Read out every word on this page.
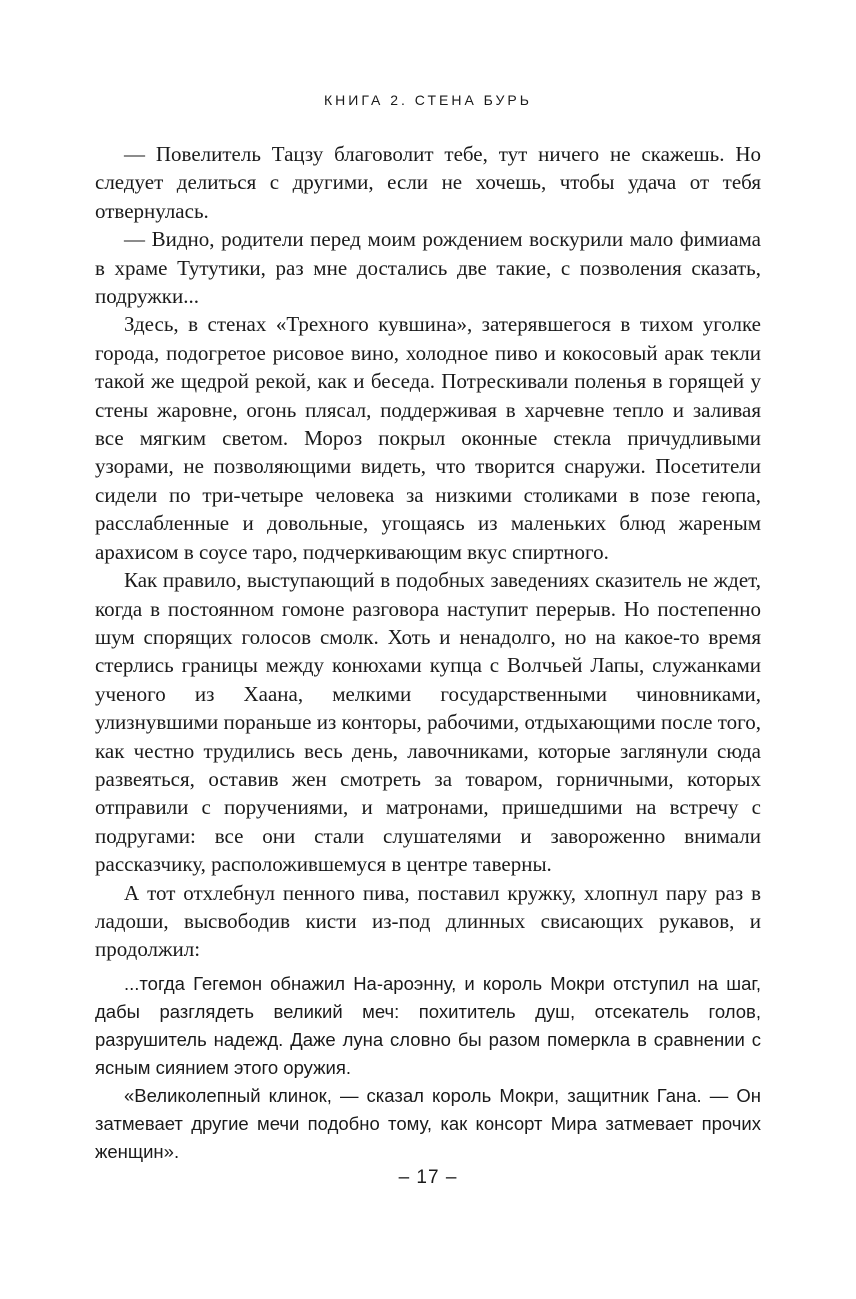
КНИГА 2. СТЕНА БУРЬ

— Повелитель Тацзу благоволит тебе, тут ничего не скажешь. Но следует делиться с другими, если не хочешь, чтобы удача от тебя отвернулась.

— Видно, родители перед моим рождением воскурили мало фимиама в храме Тутутики, раз мне достались две такие, с позволения сказать, подружки...

Здесь, в стенах «Трехного кувшина», затерявшегося в тихом уголке города, подогретое рисовое вино, холодное пиво и кокосовый арак текли такой же щедрой рекой, как и беседа. Потрескивали поленья в горящей у стены жаровне, огонь плясал, поддерживая в харчевне тепло и заливая все мягким светом. Мороз покрыл оконные стекла причудливыми узорами, не позволяющими видеть, что творится снаружи. Посетители сидели по три-четыре человека за низкими столиками в позе геюпа, расслабленные и довольные, угощаясь из маленьких блюд жареным арахисом в соусе таро, подчеркивающим вкус спиртного.

Как правило, выступающий в подобных заведениях сказитель не ждет, когда в постоянном гомоне разговора наступит перерыв. Но постепенно шум спорящих голосов смолк. Хоть и ненадолго, но на какое-то время стерлись границы между конюхами купца с Волчьей Лапы, служанками ученого из Хаана, мелкими государственными чиновниками, улизнувшими пораньше из конторы, рабочими, отдыхающими после того, как честно трудились весь день, лавочниками, которые заглянули сюда развеяться, оставив жен смотреть за товаром, горничными, которых отправили с поручениями, и матронами, пришедшими на встречу с подругами: все они стали слушателями и завороженно внимали рассказчику, расположившемуся в центре таверны.

А тот отхлебнул пенного пива, поставил кружку, хлопнул пару раз в ладоши, высвободив кисти из-под длинных свисающих рукавов, и продолжил:

...тогда Гегемон обнажил На-ароэнну, и король Мокри отступил на шаг, дабы разглядеть великий меч: похититель душ, отсекатель голов, разрушитель надежд. Даже луна словно бы разом померкла в сравнении с ясным сиянием этого оружия.

«Великолепный клинок, — сказал король Мокри, защитник Гана. — Он затмевает другие мечи подобно тому, как консорт Мира затмевает прочих женщин».

– 17 –
